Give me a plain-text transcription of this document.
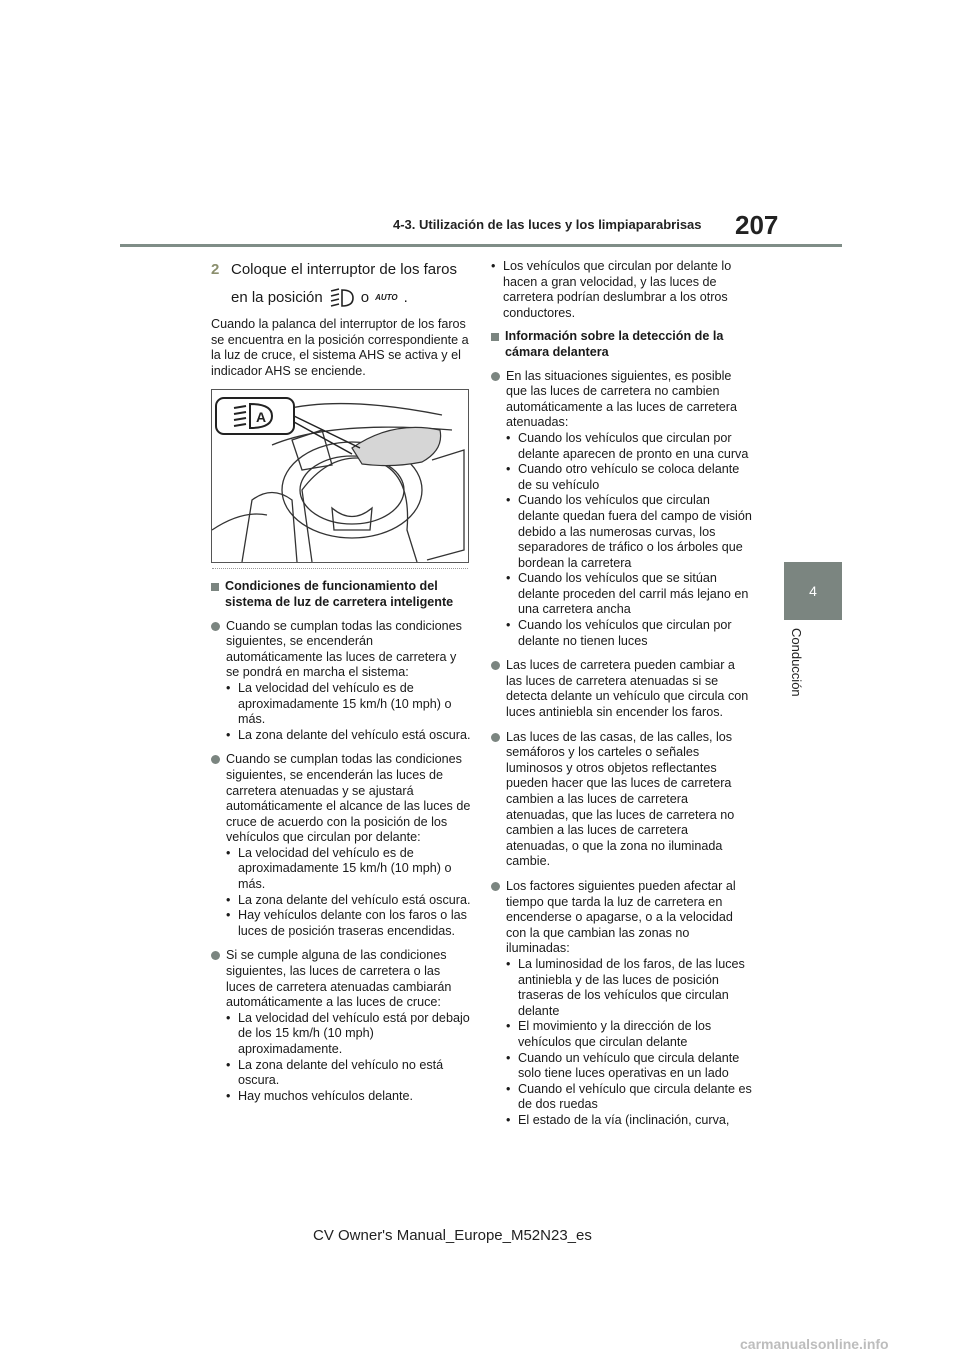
4-3. Utilización de las luces y los limpiaparabrisas 207
4
Conducción
2 Coloque el interruptor de los faros
en la posición	o AUTO .

Cuando la palanca del interruptor de los faros se encuentra en la posición correspondiente a la luz de cruce, el sistema AHS se activa y el indicador AHS se enciende.

A
Condiciones de funcionamiento del sistema de luz de carretera inteligente

Cuando se cumplan todas las condiciones siguientes, se encenderán automáticamente las luces de carretera y se pondrá en marcha el sistema:

• La velocidad del vehículo es de aproximadamente 15 km/h (10 mph) o más.
• La zona delante del vehículo está oscura.

Cuando se cumplan todas las condiciones siguientes, se encenderán las luces de carretera atenuadas y se ajustará automáticamente el alcance de las luces de cruce de acuerdo con la posición de los vehículos que circulan por delante:

• La velocidad del vehículo es de aproximadamente 15 km/h (10 mph) o más.
• La zona delante del vehículo está oscura.
• Hay vehículos delante con los faros o las luces de posición traseras encendidas.

Si se cumple alguna de las condiciones siguientes, las luces de carretera o las luces de carretera atenuadas cambiarán automáticamente a las luces de cruce:

• La velocidad del vehículo está por debajo de los 15 km/h (10 mph) aproximadamente.
• La zona delante del vehículo no está oscura.
• Hay muchos vehículos delante.
• Los vehículos que circulan por delante lo hacen a gran velocidad, y las luces de carretera podrían deslumbrar a los otros conductores.
Información sobre la detección de la cámara delantera

En las situaciones siguientes, es posible que las luces de carretera no cambien automáticamente a las luces de carretera atenuadas:

• Cuando los vehículos que circulan por delante aparecen de pronto en una curva
• Cuando otro vehículo se coloca delante de su vehículo
• Cuando los vehículos que circulan delante quedan fuera del campo de visión debido a las numerosas curvas, los separadores de tráfico o los árboles que bordean la carretera
• Cuando los vehículos que se sitúan delante proceden del carril más lejano en una carretera ancha
• Cuando los vehículos que circulan por delante no tienen luces

Las luces de carretera pueden cambiar a las luces de carretera atenuadas si se detecta delante un vehículo que circula con luces antiniebla sin encender los faros.

Las luces de las casas, de las calles, los semáforos y los carteles o señales luminosos y otros objetos reflectantes pueden hacer que las luces de carretera cambien a las luces de carretera atenuadas, que las luces de carretera no cambien a las luces de carretera atenuadas, o que la zona no iluminada cambie.

Los factores siguientes pueden afectar al tiempo que tarda la luz de carretera en encenderse o apagarse, o a la velocidad con la que cambian las zonas no iluminadas:

• La luminosidad de los faros, de las luces antiniebla y de las luces de posición traseras de los vehículos que circulan delante
• El movimiento y la dirección de los vehículos que circulan delante
• Cuando un vehículo que circula delante solo tiene luces operativas en un lado
• Cuando el vehículo que circula delante es de dos ruedas
• El estado de la vía (inclinación, curva,
CV Owner's Manual_Europe_M52N23_es
carmanualsonline.info
